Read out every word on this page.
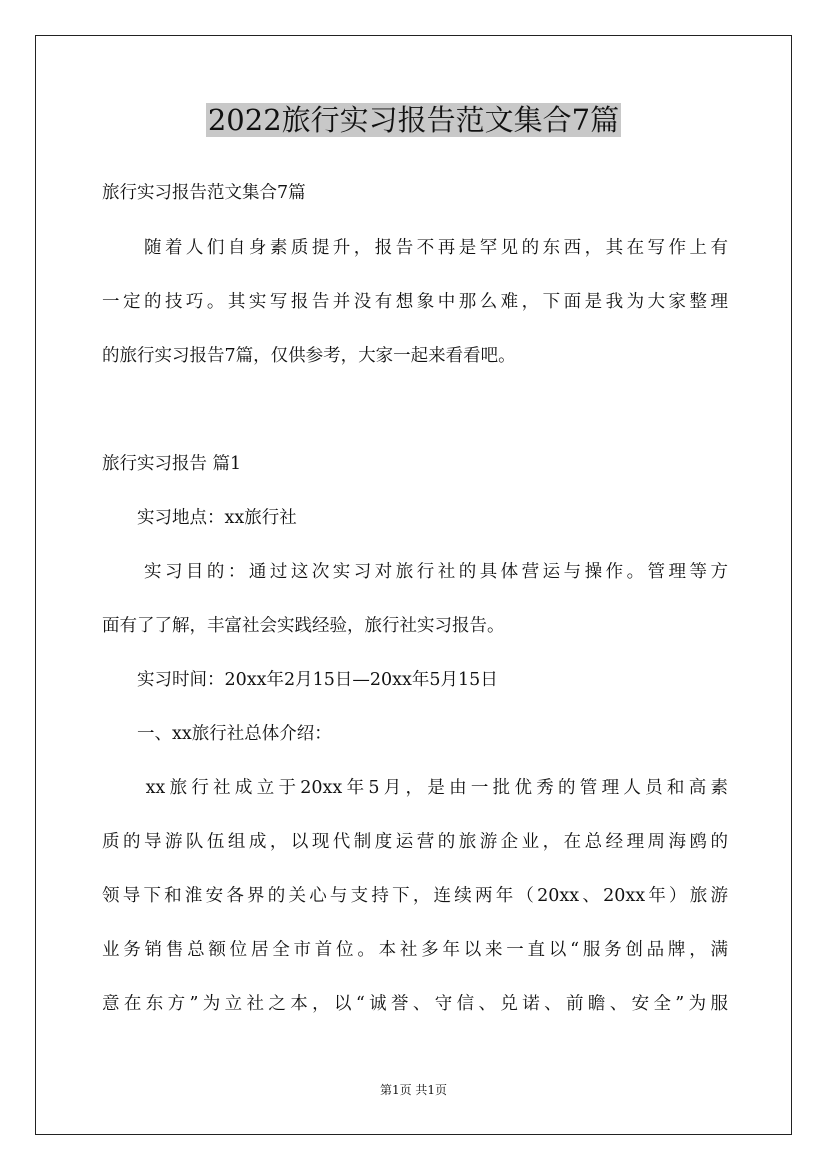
2022旅行实习报告范文集合7篇

旅行实习报告范文集合7篇

　　随着人们自身素质提升，报告不再是罕见的东西，其在写作上有

一定的技巧。其实写报告并没有想象中那么难，下面是我为大家整理

的旅行实习报告7篇，仅供参考，大家一起来看看吧。

旅行实习报告 篇1

　　实习地点：xx旅行社

　　实习目的：通过这次实习对旅行社的具体营运与操作。管理等方

面有了了解，丰富社会实践经验，旅行社实习报告。

　　实习时间：20xx年2月15日—20xx年5月15日

　　一、xx旅行社总体介绍：

　　xx旅行社成立于20xx年5月，是由一批优秀的管理人员和高素

质的导游队伍组成，以现代制度运营的旅游企业，在总经理周海鸥的

领导下和淮安各界的关心与支持下，连续两年（20xx、20xx年）旅游

业务销售总额位居全市首位。本社多年以来一直以“服务创品牌，满

意在东方”为立社之本，以“诚誉、守信、兑诺、前瞻、安全”为服

第1页 共1页
